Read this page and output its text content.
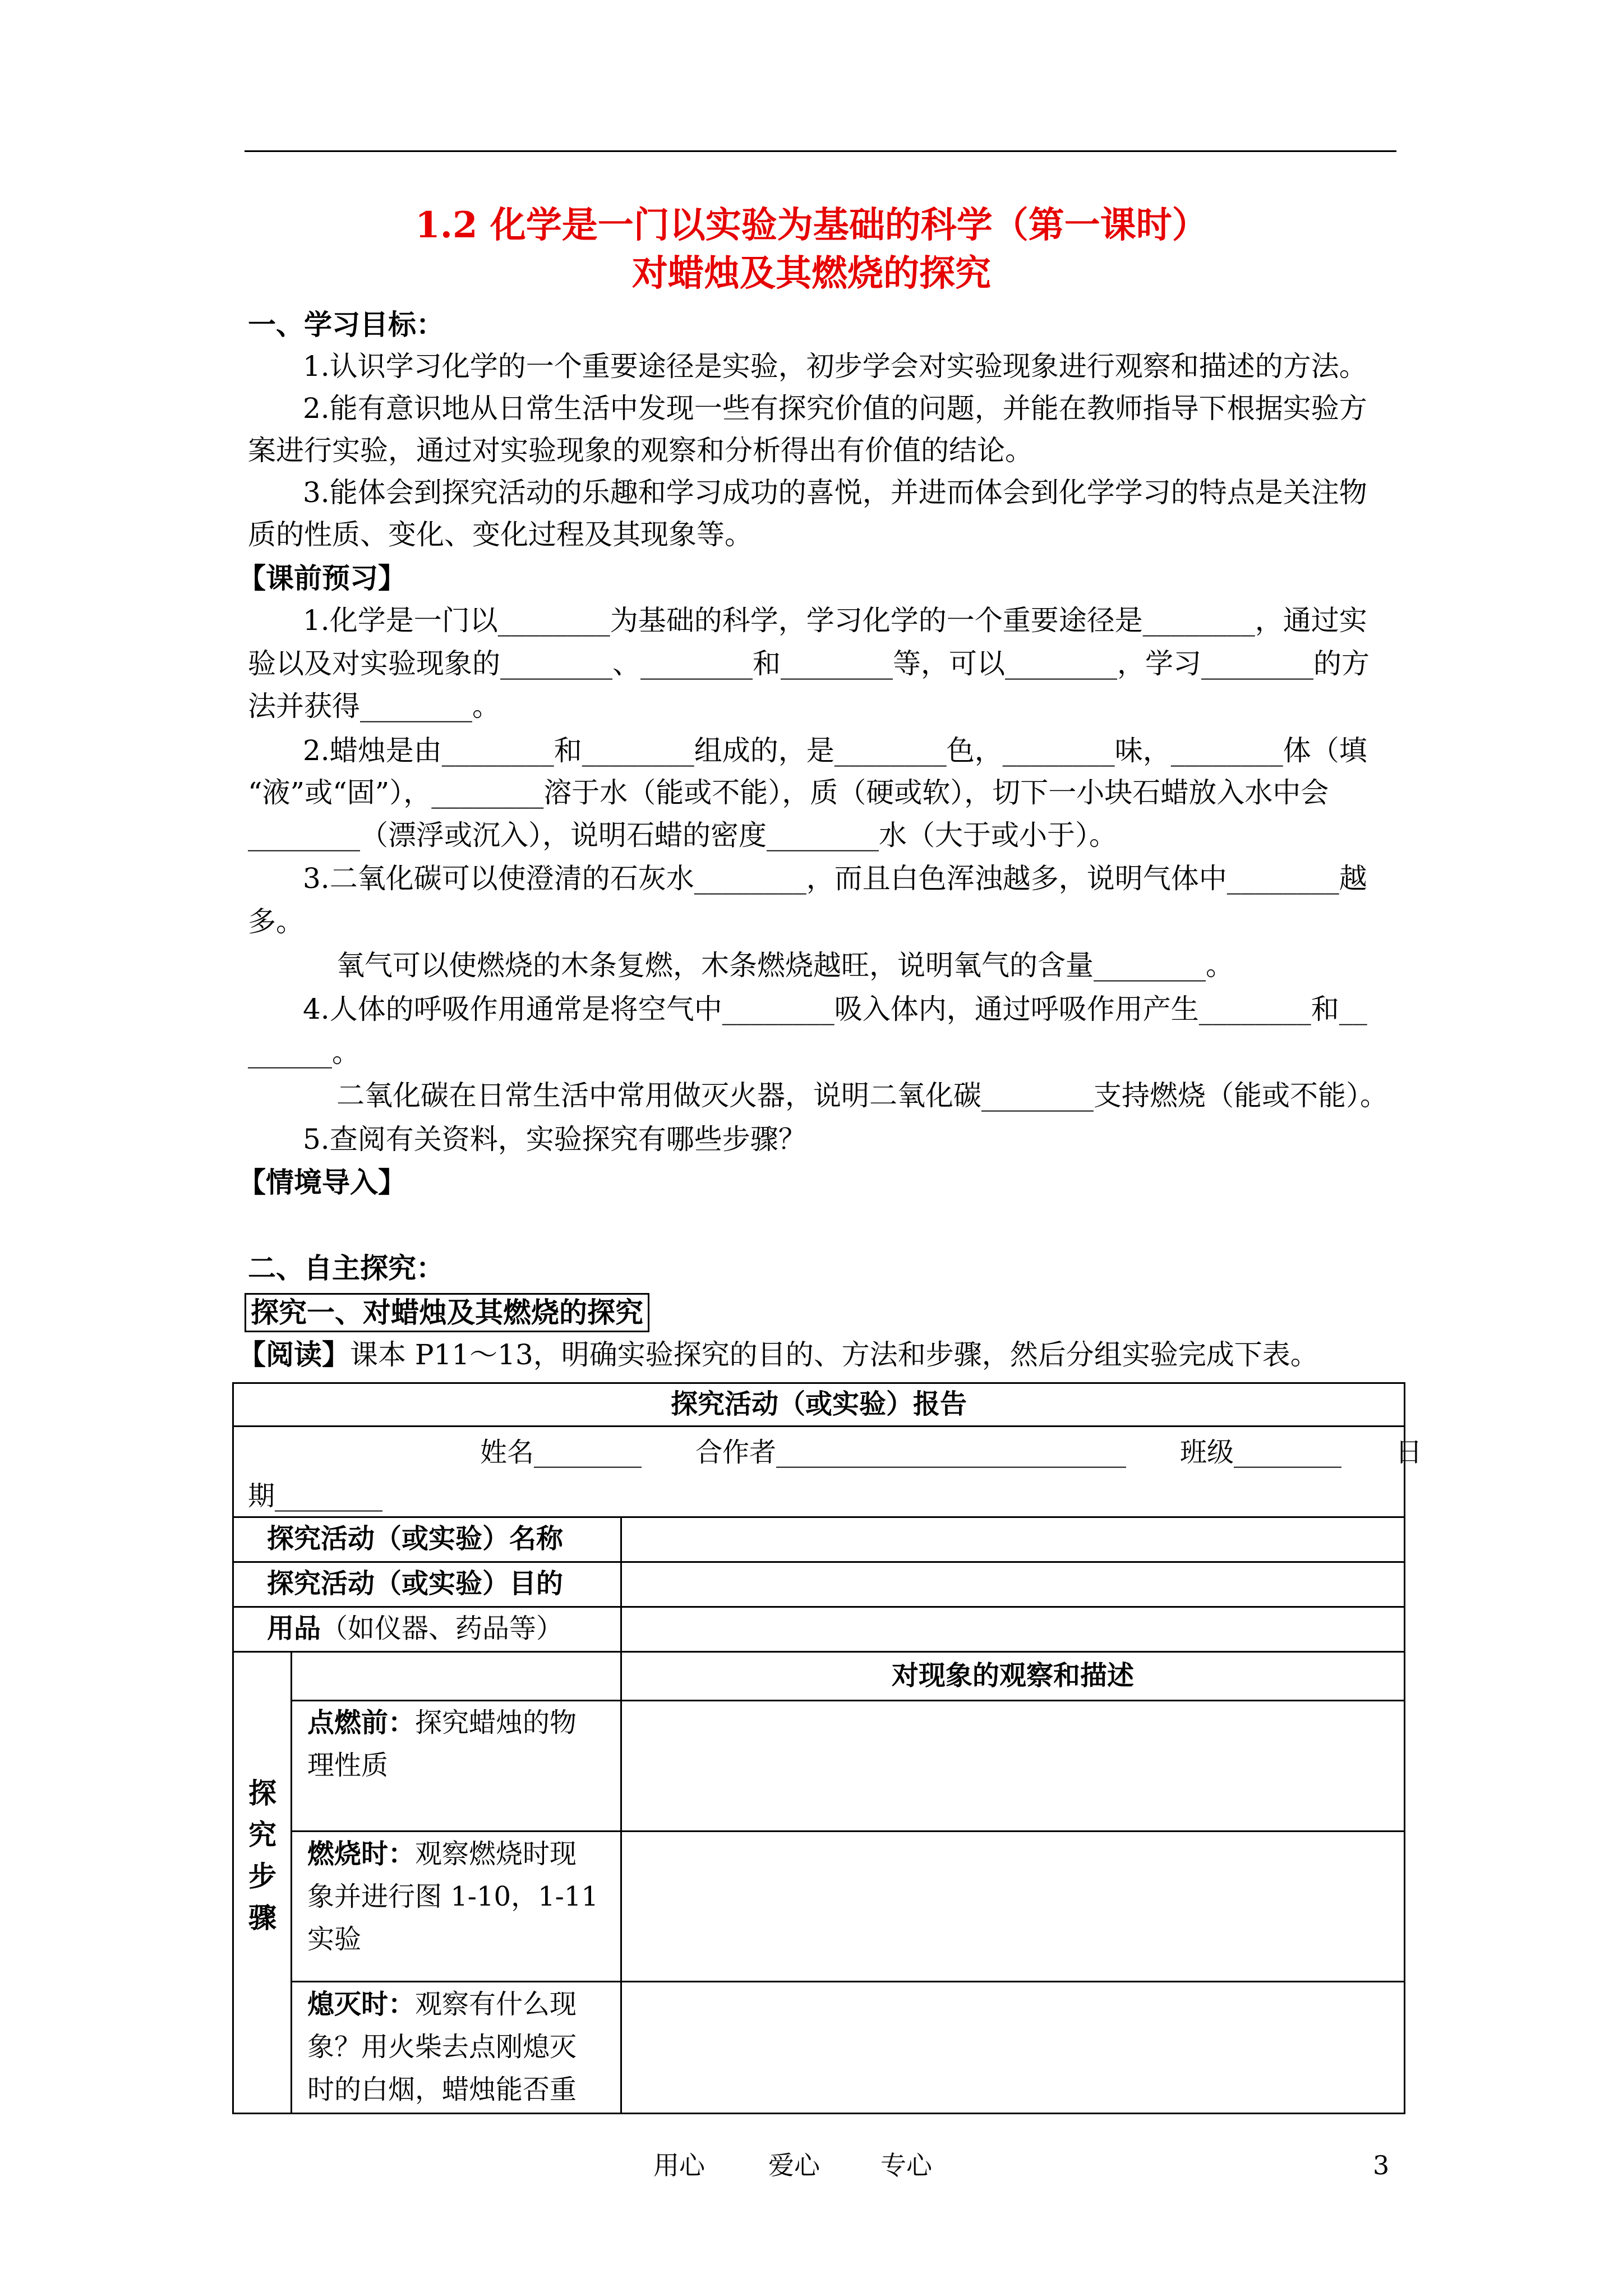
1.2 化学是一门以实验为基础的科学（第一课时）
对蜡烛及其燃烧的探究
一、学习目标：
1.认识学习化学的一个重要途径是实验，初步学会对实验现象进行观察和描述的方法。
2.能有意识地从日常生活中发现一些有探究价值的问题，并能在教师指导下根据实验方
案进行实验，通过对实验现象的观察和分析得出有价值的结论。
3.能体会到探究活动的乐趣和学习成功的喜悦，并进而体会到化学学习的特点是关注物
质的性质、变化、变化过程及其现象等。
【课前预习】
1.化学是一门以________为基础的科学，学习化学的一个重要途径是________，通过实
验以及对实验现象的________、________和________等，可以________，学习________的方
法并获得________。
2.蜡烛是由________和________组成的，是________色，________味，________体（填
“液”或“固”），________溶于水（能或不能），质（硬或软），切下一小块石蜡放入水中会
________（漂浮或沉入），说明石蜡的密度________水（大于或小于）。
3.二氧化碳可以使澄清的石灰水________，而且白色浑浊越多，说明气体中________越
多。
氧气可以使燃烧的木条复燃，木条燃烧越旺，说明氧气的含量________。
4.人体的呼吸作用通常是将空气中________吸入体内，通过呼吸作用产生________和__
______。
二氧化碳在日常生活中常用做灭火器，说明二氧化碳________支持燃烧（能或不能）。
5.查阅有关资料，实验探究有哪些步骤？
【情境导入】
二、自主探究：
探究一、对蜡烛及其燃烧的探究
【阅读】课本 P11～13，明确实验探究的目的、方法和步骤，然后分组实验完成下表。
探究活动（或实验）报告
姓名________　　合作者__________________________　　班级________　　日
期________
探究活动（或实验）名称
探究活动（或实验）目的
用品（如仪器、药品等）
对现象的观察和描述
探究步骤
点燃前：探究蜡烛的物
理性质
燃烧时：观察燃烧时现
象并进行图 1-10，1-11
实验
熄灭时：观察有什么现
象？用火柴去点刚熄灭
时的白烟，蜡烛能否重
用心 爱心 专心	3
